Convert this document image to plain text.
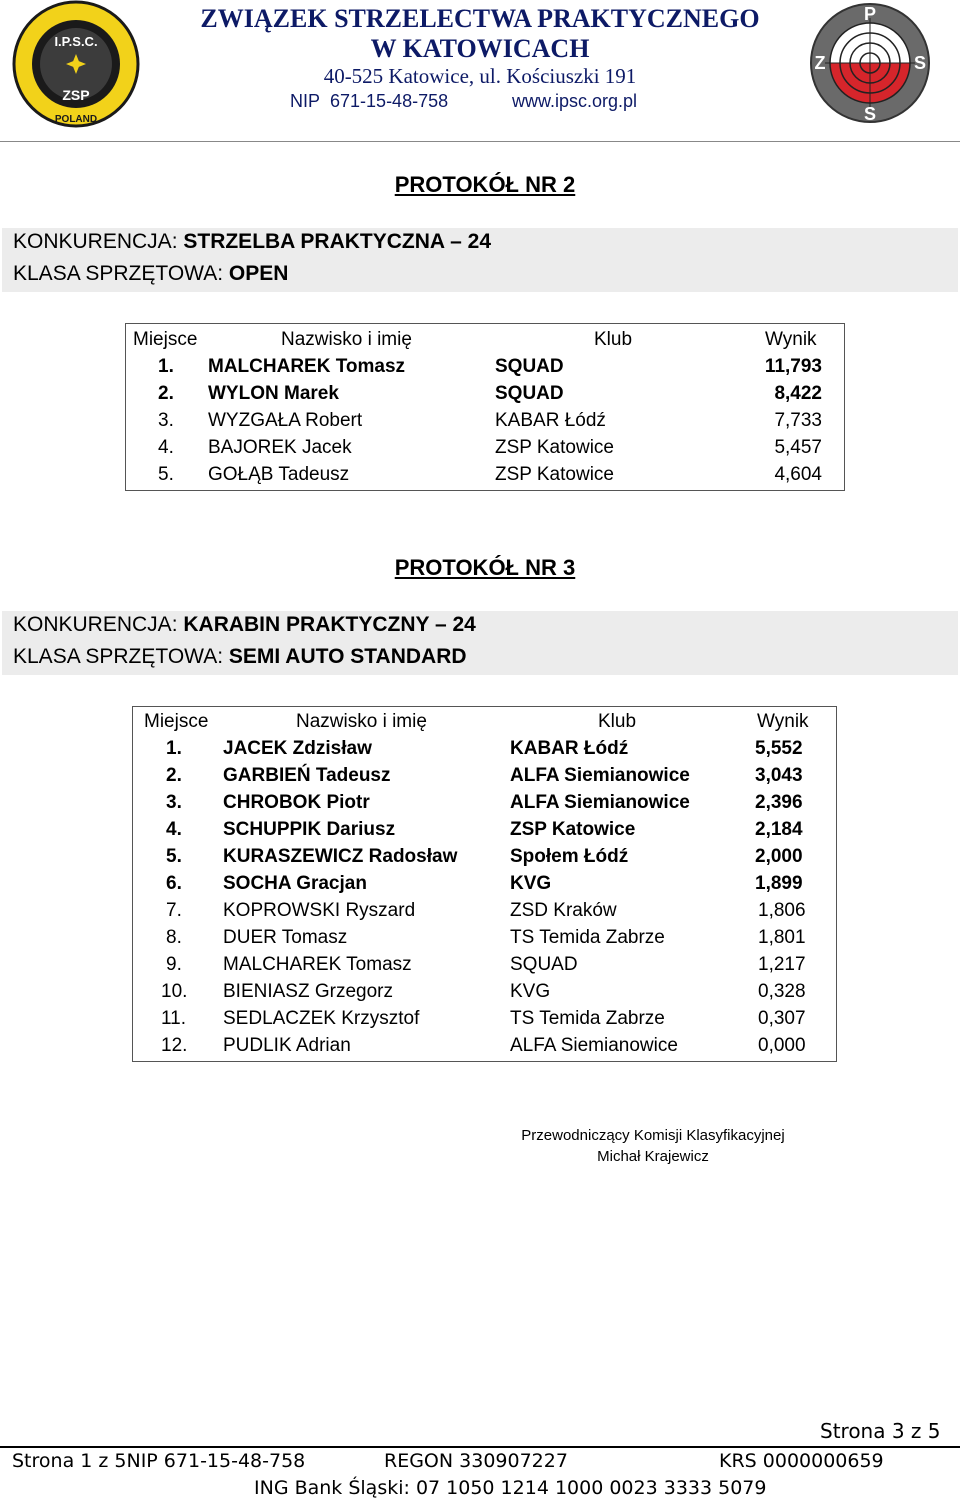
I.P.S.C.
ZSP
POLAND
ZWIĄZEK STRZELECTWA PRAKTYCZNEGO
W KATOWICACH
40-525 Katowice, ul. Kościuszki 191
NIP 671-15-48-758	www.ipsc.org.pl
P
Z	S
S
PROTOKÓŁ NR 2
KONKURENCJA: STRZELBA PRAKTYCZNA – 24
KLASA SPRZĘTOWA: OPEN
Miejsce	Nazwisko i imię	Klub	Wynik
1. MALCHAREK Tomasz	SQUAD	11,793
2. WYLON Marek	SQUAD	8,422
3. WYZGAŁA Robert	KABAR Łódź	7,733
4. BAJOREK Jacek	ZSP Katowice	5,457
5. GOŁĄB Tadeusz	ZSP Katowice	4,604
PROTOKÓŁ NR 3
KONKURENCJA: KARABIN PRAKTYCZNY – 24
KLASA SPRZĘTOWA: SEMI AUTO STANDARD
Miejsce	Nazwisko i imię	Klub	Wynik
1. JACEK Zdzisław	KABAR Łódź	5,552
2. GARBIEŃ Tadeusz	ALFA Siemianowice	3,043
3. CHROBOK Piotr	ALFA Siemianowice	2,396
4. SCHUPPIK Dariusz	ZSP Katowice	2,184
5. KURASZEWICZ Radosław	Społem Łódź	2,000
6. SOCHA Gracjan	KVG	1,899
7. KOPROWSKI Ryszard	ZSD Kraków	1,806
8. DUER Tomasz	TS Temida Zabrze	1,801
9. MALCHAREK Tomasz	SQUAD	1,217
10. BIENIASZ Grzegorz	KVG	0,328
11. SEDLACZEK Krzysztof	TS Temida Zabrze	0,307
12. PUDLIK Adrian	ALFA Siemianowice	0,000
Przewodniczący Komisji Klasyfikacyjnej
Michał Krajewicz
Strona 3 z 5
Strona 1 z 5NIP 671-15-48-758	REGON 330907227	KRS 0000000659
ING Bank Śląski: 07 1050 1214 1000 0023 3333 5079
